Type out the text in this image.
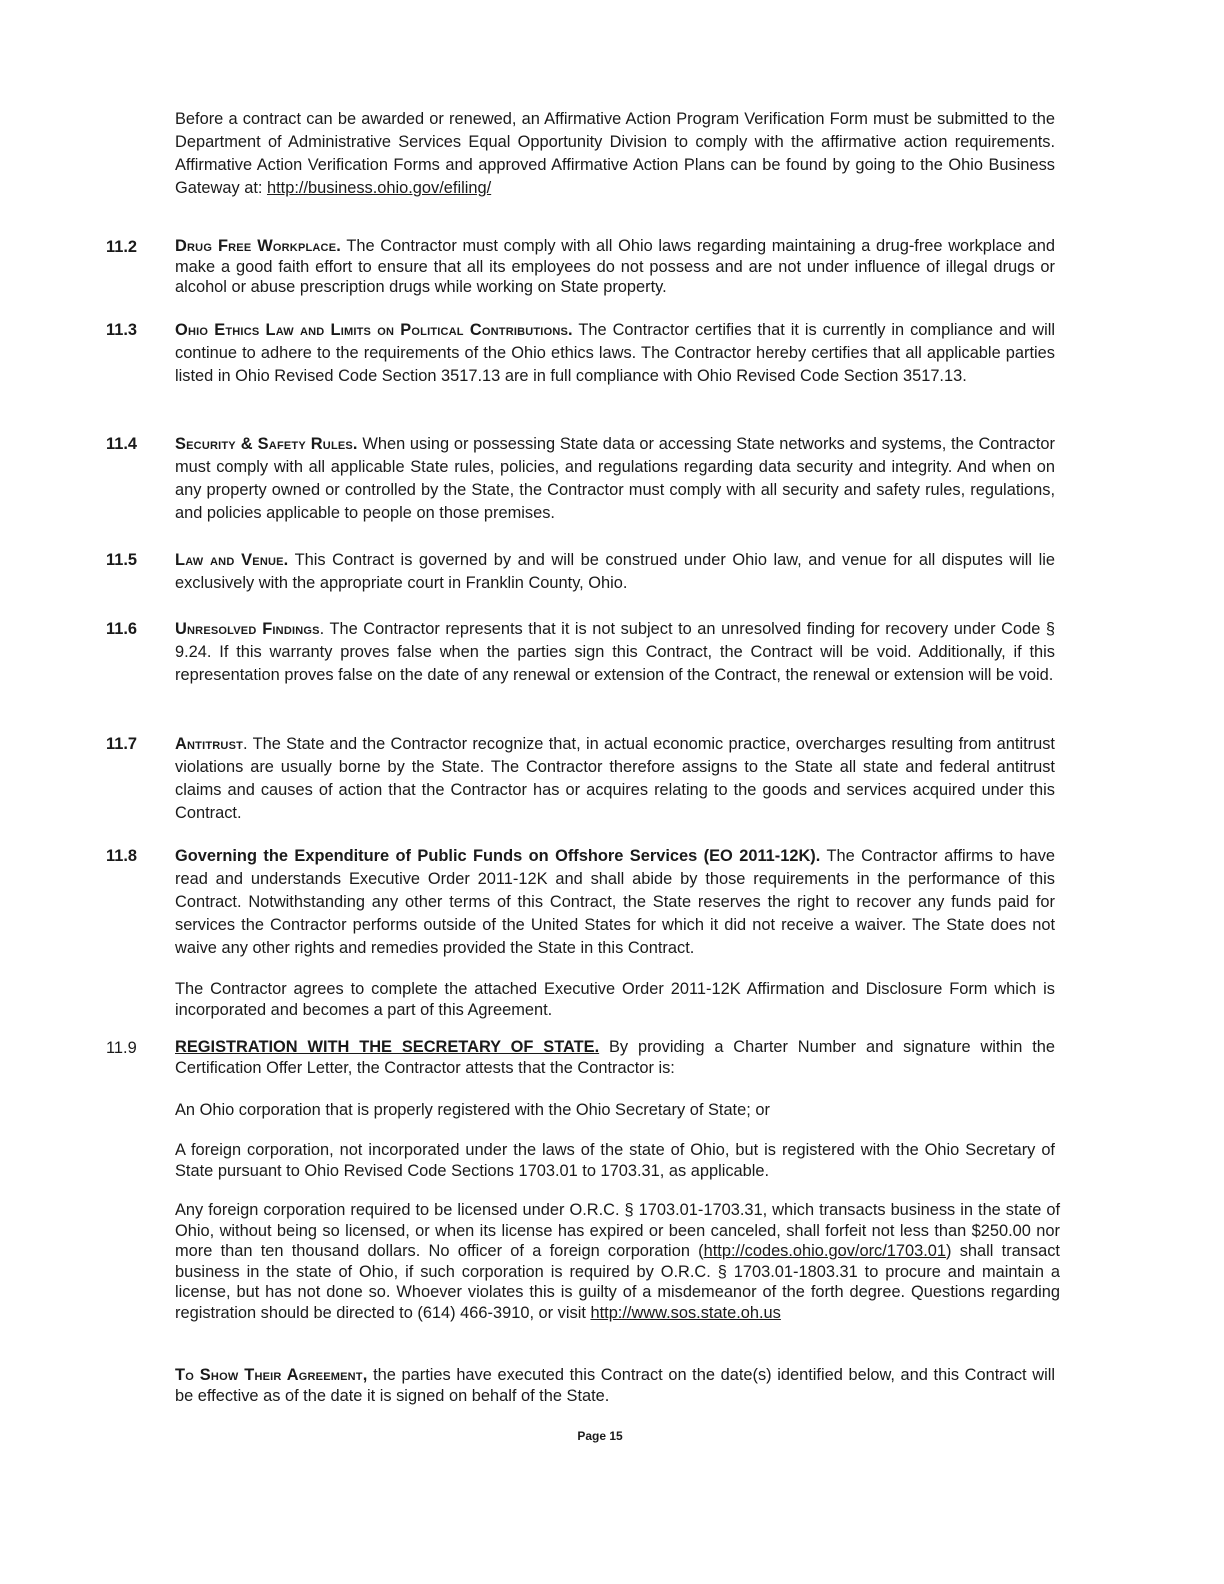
Before a contract can be awarded or renewed, an Affirmative Action Program Verification Form must be submitted to the Department of Administrative Services Equal Opportunity Division to comply with the affirmative action requirements. Affirmative Action Verification Forms and approved Affirmative Action Plans can be found by going to the Ohio Business Gateway at: http://business.ohio.gov/efiling/

11.2 Drug Free Workplace. The Contractor must comply with all Ohio laws regarding maintaining a drug-free workplace and make a good faith effort to ensure that all its employees do not possess and are not under influence of illegal drugs or alcohol or abuse prescription drugs while working on State property.

11.3 Ohio Ethics Law and Limits on Political Contributions. The Contractor certifies that it is currently in compliance and will continue to adhere to the requirements of the Ohio ethics laws. The Contractor hereby certifies that all applicable parties listed in Ohio Revised Code Section 3517.13 are in full compliance with Ohio Revised Code Section 3517.13.

11.4 Security & Safety Rules. When using or possessing State data or accessing State networks and systems, the Contractor must comply with all applicable State rules, policies, and regulations regarding data security and integrity. And when on any property owned or controlled by the State, the Contractor must comply with all security and safety rules, regulations, and policies applicable to people on those premises.

11.5 Law and Venue. This Contract is governed by and will be construed under Ohio law, and venue for all disputes will lie exclusively with the appropriate court in Franklin County, Ohio.

11.6 Unresolved Findings. The Contractor represents that it is not subject to an unresolved finding for recovery under Code § 9.24. If this warranty proves false when the parties sign this Contract, the Contract will be void. Additionally, if this representation proves false on the date of any renewal or extension of the Contract, the renewal or extension will be void.

11.7 Antitrust. The State and the Contractor recognize that, in actual economic practice, overcharges resulting from antitrust violations are usually borne by the State. The Contractor therefore assigns to the State all state and federal antitrust claims and causes of action that the Contractor has or acquires relating to the goods and services acquired under this Contract.

11.8 Governing the Expenditure of Public Funds on Offshore Services (EO 2011-12K). The Contractor affirms to have read and understands Executive Order 2011-12K and shall abide by those requirements in the performance of this Contract. Notwithstanding any other terms of this Contract, the State reserves the right to recover any funds paid for services the Contractor performs outside of the United States for which it did not receive a waiver. The State does not waive any other rights and remedies provided the State in this Contract.

The Contractor agrees to complete the attached Executive Order 2011-12K Affirmation and Disclosure Form which is incorporated and becomes a part of this Agreement.

11.9 REGISTRATION WITH THE SECRETARY OF STATE. By providing a Charter Number and signature within the Certification Offer Letter, the Contractor attests that the Contractor is:

An Ohio corporation that is properly registered with the Ohio Secretary of State; or

A foreign corporation, not incorporated under the laws of the state of Ohio, but is registered with the Ohio Secretary of State pursuant to Ohio Revised Code Sections 1703.01 to 1703.31, as applicable.

Any foreign corporation required to be licensed under O.R.C. § 1703.01-1703.31, which transacts business in the state of Ohio, without being so licensed, or when its license has expired or been canceled, shall forfeit not less than $250.00 nor more than ten thousand dollars. No officer of a foreign corporation (http://codes.ohio.gov/orc/1703.01) shall transact business in the state of Ohio, if such corporation is required by O.R.C. § 1703.01-1803.31 to procure and maintain a license, but has not done so. Whoever violates this is guilty of a misdemeanor of the forth degree. Questions regarding registration should be directed to (614) 466-3910, or visit http://www.sos.state.oh.us

To Show Their Agreement, the parties have executed this Contract on the date(s) identified below, and this Contract will be effective as of the date it is signed on behalf of the State.

Page 15
